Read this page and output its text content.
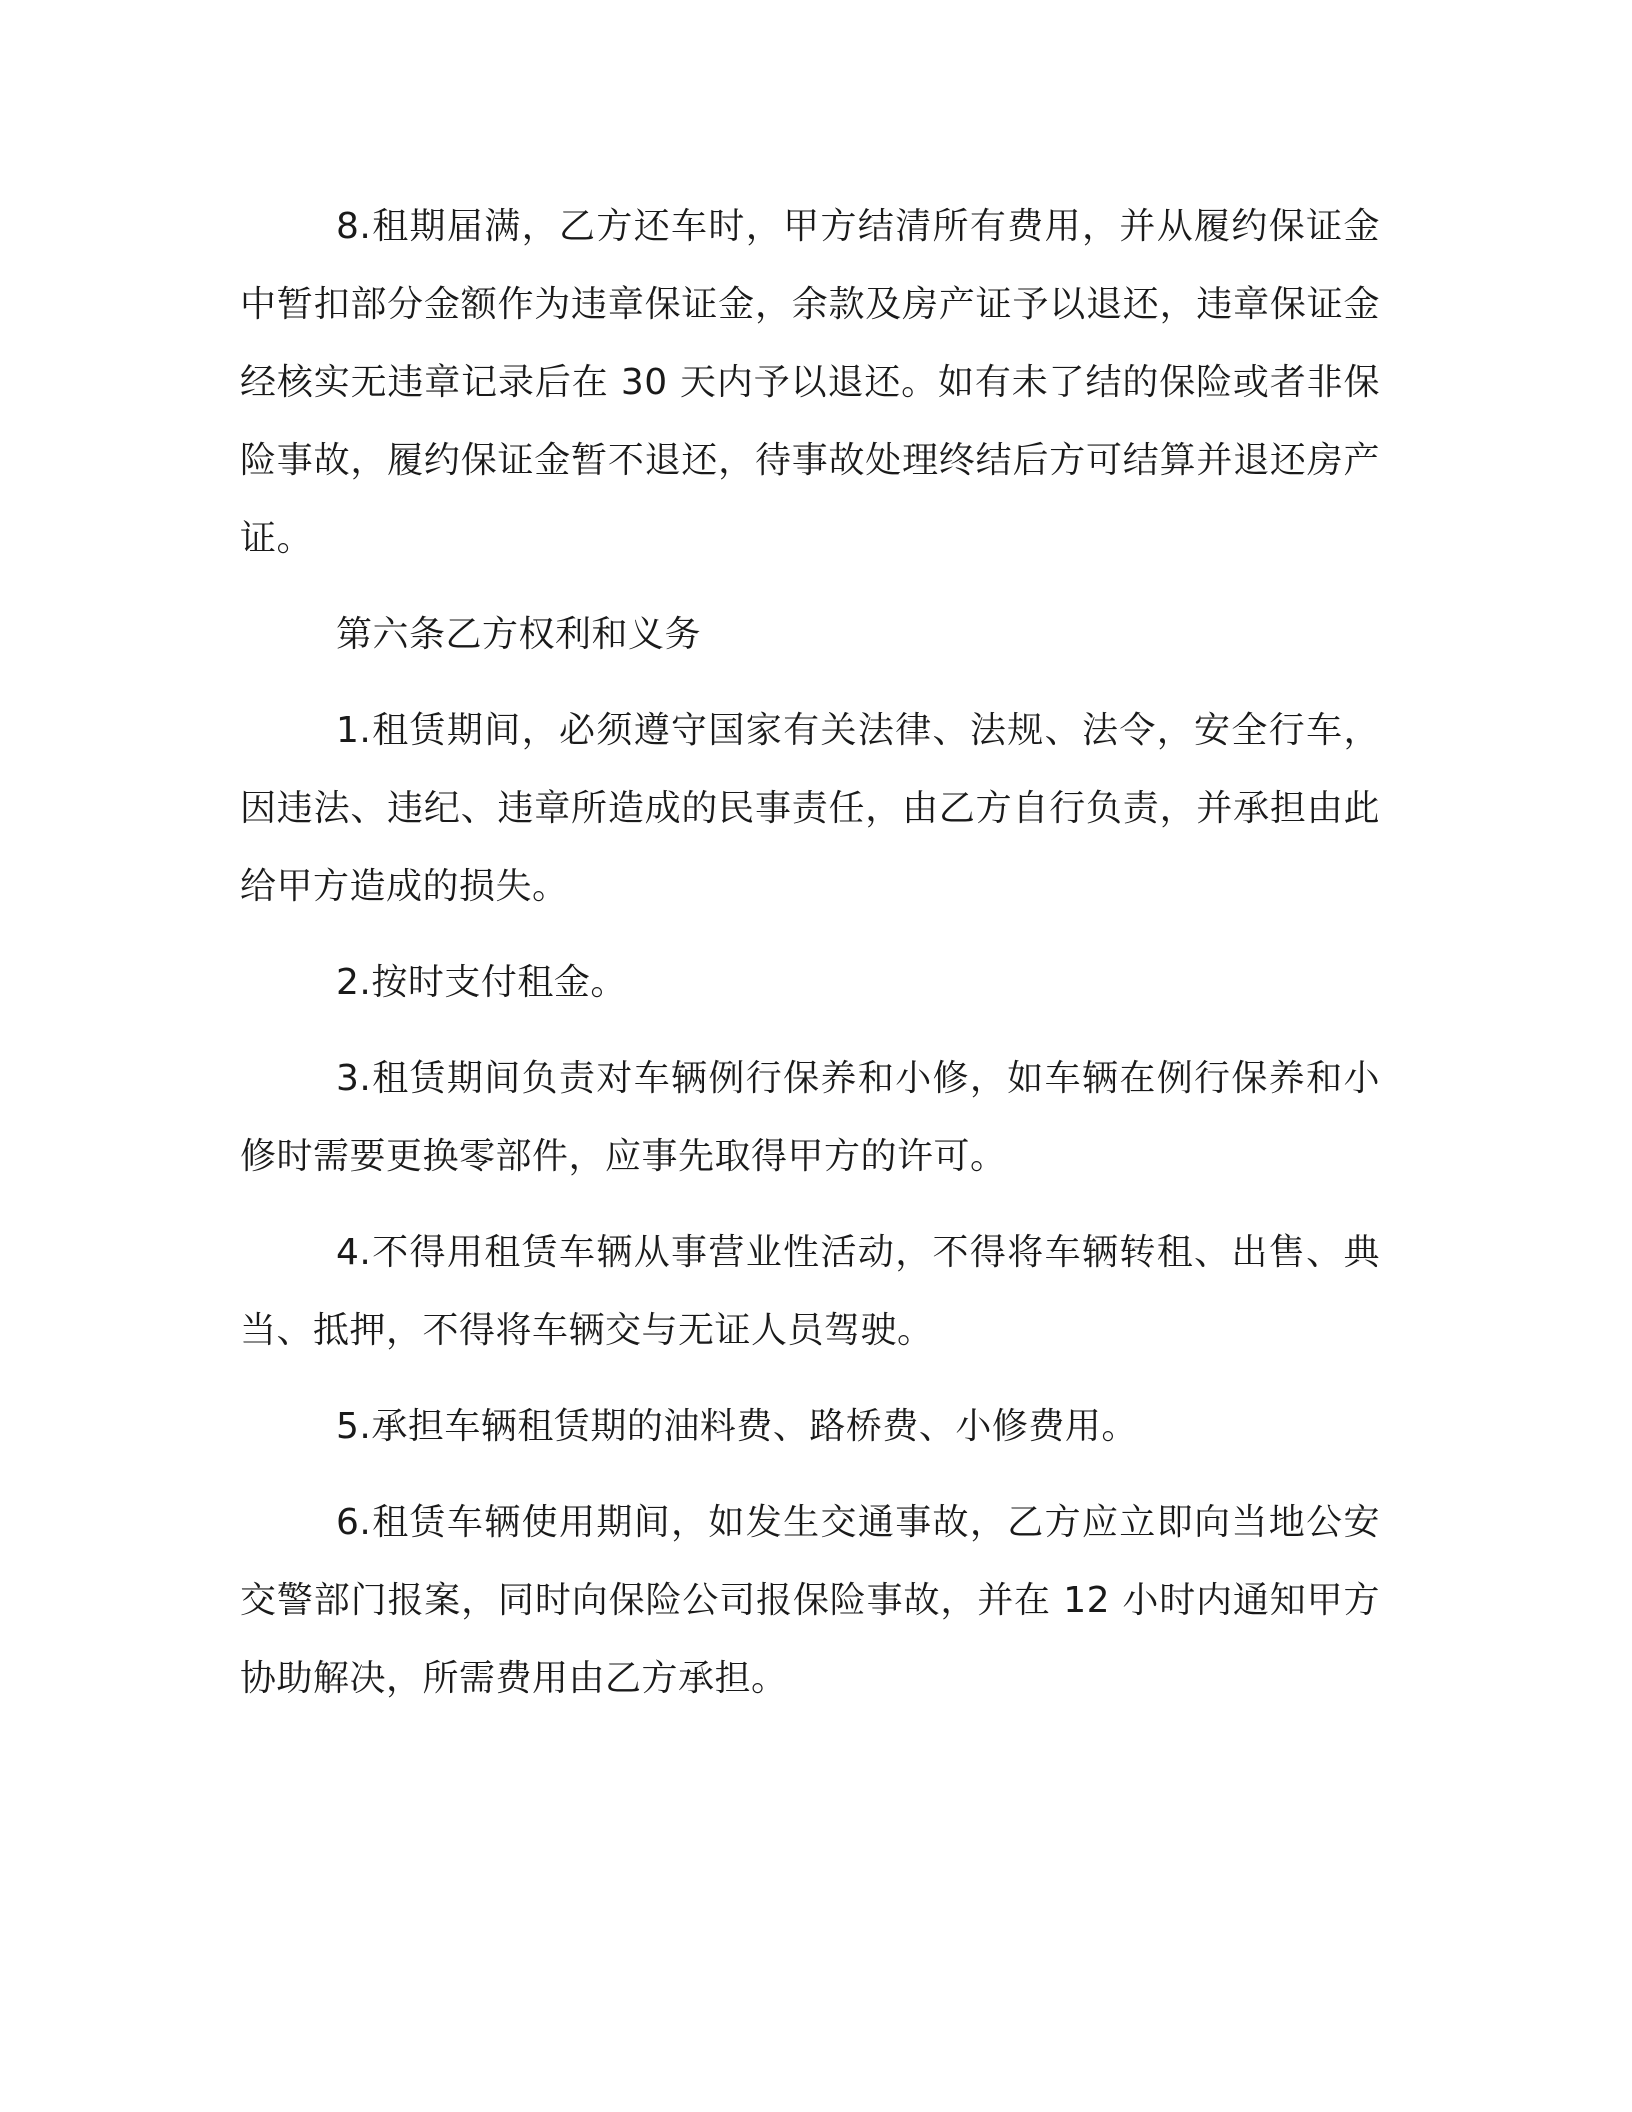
8.租期届满，乙方还车时，甲方结清所有费用，并从履约保证金中暂扣部分金额作为违章保证金，余款及房产证予以退还，违章保证金经核实无违章记录后在 30 天内予以退还。如有未了结的保险或者非保险事故，履约保证金暂不退还，待事故处理终结后方可结算并退还房产证。

第六条乙方权利和义务

1.租赁期间，必须遵守国家有关法律、法规、法令，安全行车，因违法、违纪、违章所造成的民事责任，由乙方自行负责，并承担由此给甲方造成的损失。

2.按时支付租金。

3.租赁期间负责对车辆例行保养和小修，如车辆在例行保养和小修时需要更换零部件，应事先取得甲方的许可。

4.不得用租赁车辆从事营业性活动，不得将车辆转租、出售、典当、抵押，不得将车辆交与无证人员驾驶。

5.承担车辆租赁期的油料费、路桥费、小修费用。

6.租赁车辆使用期间，如发生交通事故，乙方应立即向当地公安交警部门报案，同时向保险公司报保险事故，并在 12 小时内通知甲方协助解决，所需费用由乙方承担。
